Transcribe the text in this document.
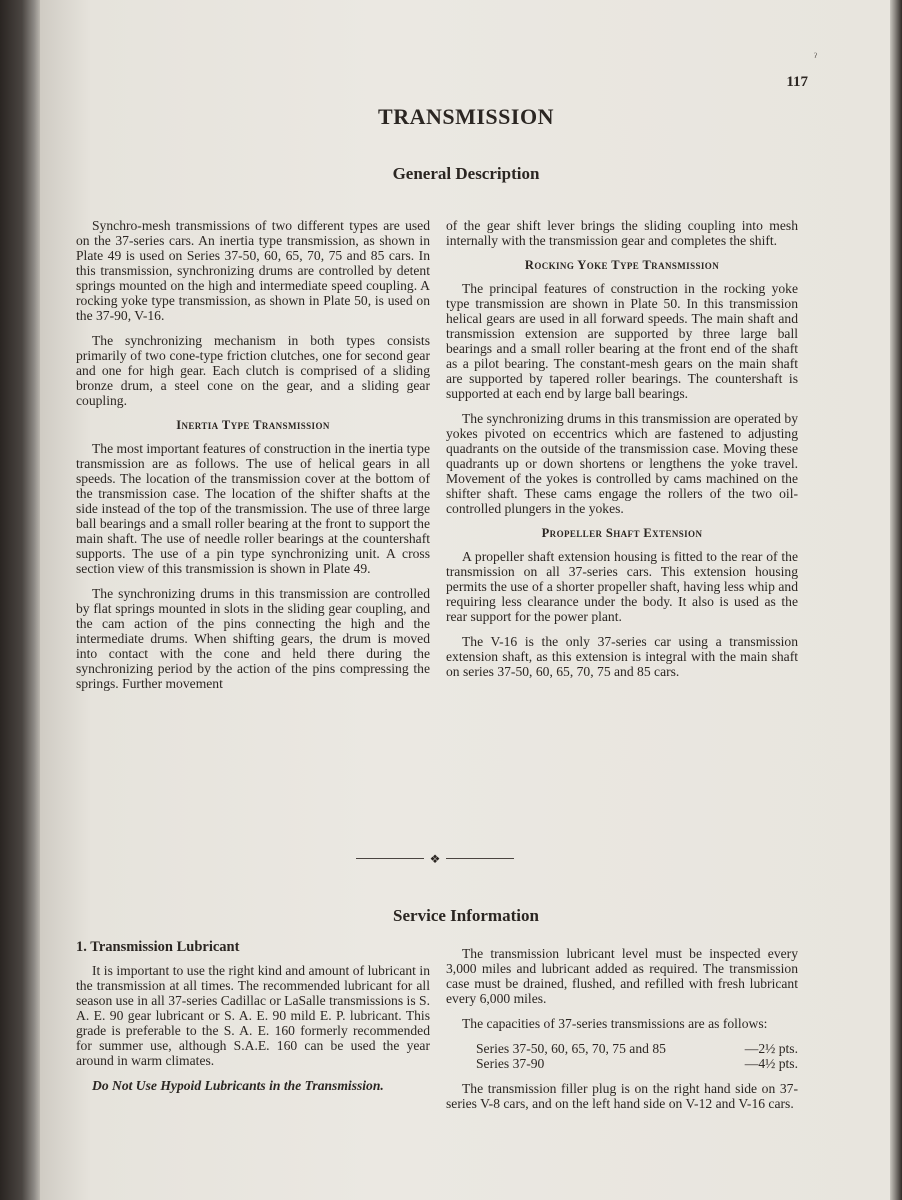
ˀ
117
TRANSMISSION
General Description

Synchro-mesh transmissions of two different types are used on the 37-series cars. An inertia type transmission, as shown in Plate 49 is used on Series 37-50, 60, 65, 70, 75 and 85 cars. In this transmission, synchronizing drums are controlled by detent springs mounted on the high and intermediate speed coupling. A rocking yoke type transmission, as shown in Plate 50, is used on the 37-90, V-16.

The synchronizing mechanism in both types consists primarily of two cone-type friction clutches, one for second gear and one for high gear. Each clutch is comprised of a sliding bronze drum, a steel cone on the gear, and a sliding gear coupling.

Inertia Type Transmission

The most important features of construction in the inertia type transmission are as follows. The use of helical gears in all speeds. The location of the transmission cover at the bottom of the transmission case. The location of the shifter shafts at the side instead of the top of the transmission. The use of three large ball bearings and a small roller bearing at the front to support the main shaft. The use of needle roller bearings at the countershaft supports. The use of a pin type synchronizing unit. A cross section view of this transmission is shown in Plate 49.

The synchronizing drums in this transmission are controlled by flat springs mounted in slots in the sliding gear coupling, and the cam action of the pins connecting the high and the intermediate drums. When shifting gears, the drum is moved into contact with the cone and held there during the synchronizing period by the action of the pins compressing the springs. Further movement

of the gear shift lever brings the sliding coupling into mesh internally with the transmission gear and completes the shift.

Rocking Yoke Type Transmission

The principal features of construction in the rocking yoke type transmission are shown in Plate 50. In this transmission helical gears are used in all forward speeds. The main shaft and transmission extension are supported by three large ball bearings and a small roller bearing at the front end of the shaft as a pilot bearing. The constant-mesh gears on the main shaft are supported by tapered roller bearings. The countershaft is supported at each end by large ball bearings.

The synchronizing drums in this transmission are operated by yokes pivoted on eccentrics which are fastened to adjusting quadrants on the outside of the transmission case. Moving these quadrants up or down shortens or lengthens the yoke travel. Movement of the yokes is controlled by cams machined on the shifter shaft. These cams engage the rollers of the two oil-controlled plungers in the yokes.

Propeller Shaft Extension

A propeller shaft extension housing is fitted to the rear of the transmission on all 37-series cars. This extension housing permits the use of a shorter propeller shaft, having less whip and requiring less clearance under the body. It also is used as the rear support for the power plant.

The V-16 is the only 37-series car using a transmission extension shaft, as this extension is integral with the main shaft on series 37-50, 60, 65, 70, 75 and 85 cars.

❖
Service Information
1. Transmission Lubricant

It is important to use the right kind and amount of lubricant in the transmission at all times. The recommended lubricant for all season use in all 37-series Cadillac or LaSalle transmissions is S. A. E. 90 gear lubricant or S. A. E. 90 mild E. P. lubricant. This grade is preferable to the S. A. E. 160 formerly recommended for summer use, although S.A.E. 160 can be used the year around in warm climates.

Do Not Use Hypoid Lubricants in the Transmission.

The transmission lubricant level must be inspected every 3,000 miles and lubricant added as required. The transmission case must be drained, flushed, and refilled with fresh lubricant every 6,000 miles.

The capacities of 37-series transmissions are as follows:

Series 37-50, 60, 65, 70, 75 and 85	—2½ pts.
Series 37-90	—4½ pts.

The transmission filler plug is on the right hand side on 37-series V-8 cars, and on the left hand side on V-12 and V-16 cars.
